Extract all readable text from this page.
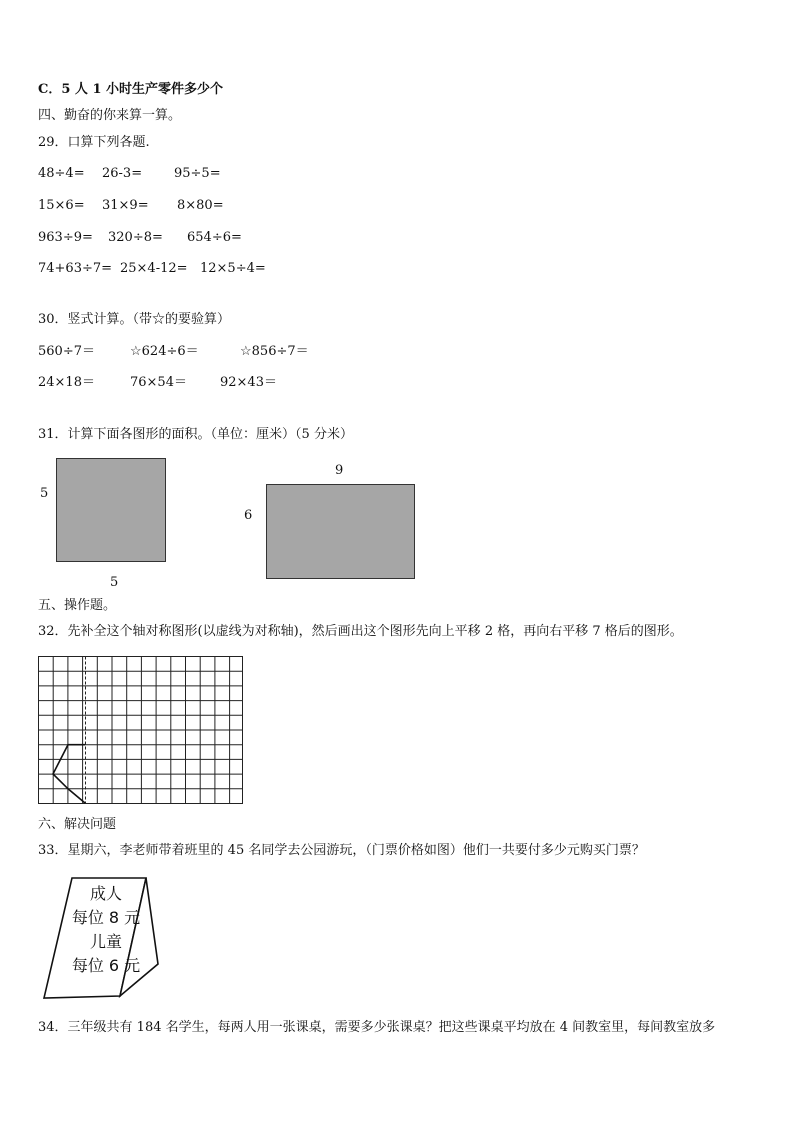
C．5 人 1 小时生产零件多少个
四、勤奋的你来算一算。
29．口算下列各题.
48÷4= 26-3= 95÷5=
15×6= 31×9= 8×80=
963÷9= 320÷8= 654÷6=
74+63÷7= 25×4-12= 12×5÷4=
30．竖式计算。（带☆的要验算）
560÷7＝	☆624÷6＝	☆856÷7＝
24×18＝	76×54＝	92×43＝
31．计算下面各图形的面积。（单位：厘米）（5 分米）
5
5
9
6
五、操作题。
32．先补全这个轴对称图形(以虚线为对称轴)，然后画出这个图形先向上平移 2 格，再向右平移 7 格后的图形。
六、解决问题
33．星期六，李老师带着班里的 45 名同学去公园游玩，（门票价格如图）他们一共要付多少元购买门票？
成人
每位 8 元
儿童
每位 6 元
34．三年级共有 184 名学生，每两人用一张课桌，需要多少张课桌？把这些课桌平均放在 4 间教室里，每间教室放多
